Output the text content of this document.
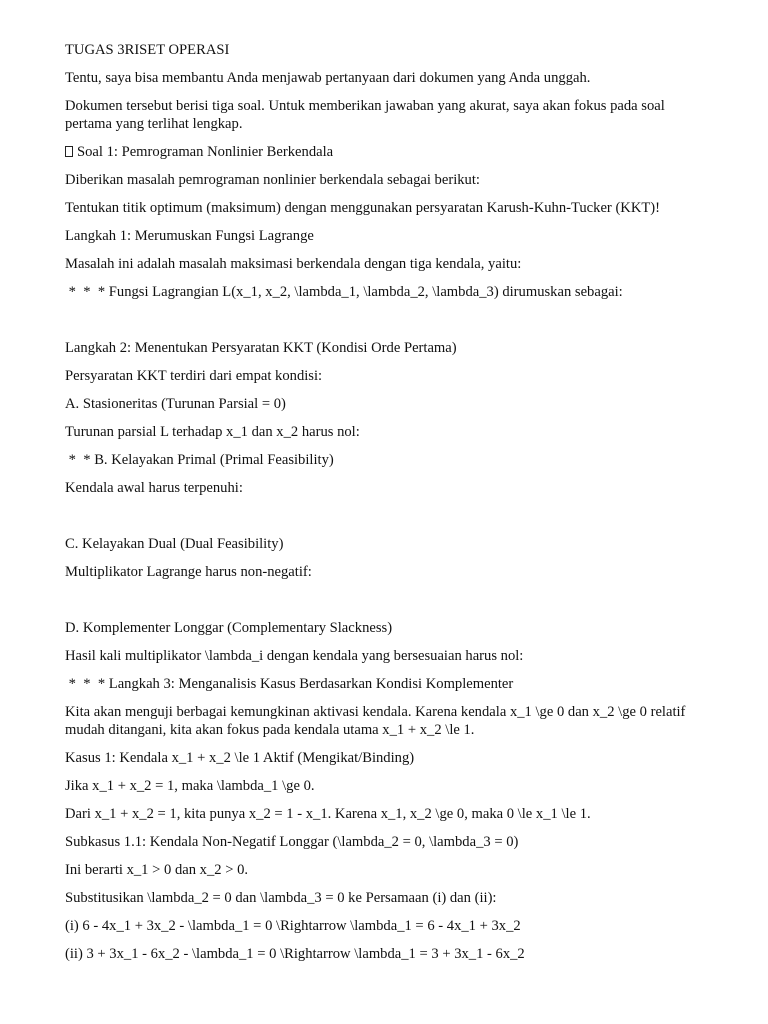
TUGAS 3RISET OPERASI
Tentu, saya bisa membantu Anda menjawab pertanyaan dari dokumen yang Anda unggah.
Dokumen tersebut berisi tiga soal. Untuk memberikan jawaban yang akurat, saya akan fokus pada soal pertama yang terlihat lengkap.
Soal 1: Pemrograman Nonlinier Berkendala
Diberikan masalah pemrograman nonlinier berkendala sebagai berikut:
Tentukan titik optimum (maksimum) dengan menggunakan persyaratan Karush-Kuhn-Tucker (KKT)!
Langkah 1: Merumuskan Fungsi Lagrange
Masalah ini adalah masalah maksimasi berkendala dengan tiga kendala, yaitu:
*  *  * Fungsi Lagrangian L(x_1, x_2, \lambda_1, \lambda_2, \lambda_3) dirumuskan sebagai:
Langkah 2: Menentukan Persyaratan KKT (Kondisi Orde Pertama)
Persyaratan KKT terdiri dari empat kondisi:
A. Stasioneritas (Turunan Parsial = 0)
Turunan parsial L terhadap x_1 dan x_2 harus nol:
*  * B. Kelayakan Primal (Primal Feasibility)
Kendala awal harus terpenuhi:
C. Kelayakan Dual (Dual Feasibility)
Multiplikator Lagrange harus non-negatif:
D. Komplementer Longgar (Complementary Slackness)
Hasil kali multiplikator \lambda_i dengan kendala yang bersesuaian harus nol:
*  *  * Langkah 3: Menganalisis Kasus Berdasarkan Kondisi Komplementer
Kita akan menguji berbagai kemungkinan aktivasi kendala. Karena kendala x_1 \ge 0 dan x_2 \ge 0 relatif mudah ditangani, kita akan fokus pada kendala utama x_1 + x_2 \le 1.
Kasus 1: Kendala x_1 + x_2 \le 1 Aktif (Mengikat/Binding)
Jika x_1 + x_2 = 1, maka \lambda_1 \ge 0.
Dari x_1 + x_2 = 1, kita punya x_2 = 1 - x_1. Karena x_1, x_2 \ge 0, maka 0 \le x_1 \le 1.
Subkasus 1.1: Kendala Non-Negatif Longgar (\lambda_2 = 0, \lambda_3 = 0)
Ini berarti x_1 > 0 dan x_2 > 0.
Substitusikan \lambda_2 = 0 dan \lambda_3 = 0 ke Persamaan (i) dan (ii):
(i) 6 - 4x_1 + 3x_2 - \lambda_1 = 0 \Rightarrow \lambda_1 = 6 - 4x_1 + 3x_2
(ii) 3 + 3x_1 - 6x_2 - \lambda_1 = 0 \Rightarrow \lambda_1 = 3 + 3x_1 - 6x_2
